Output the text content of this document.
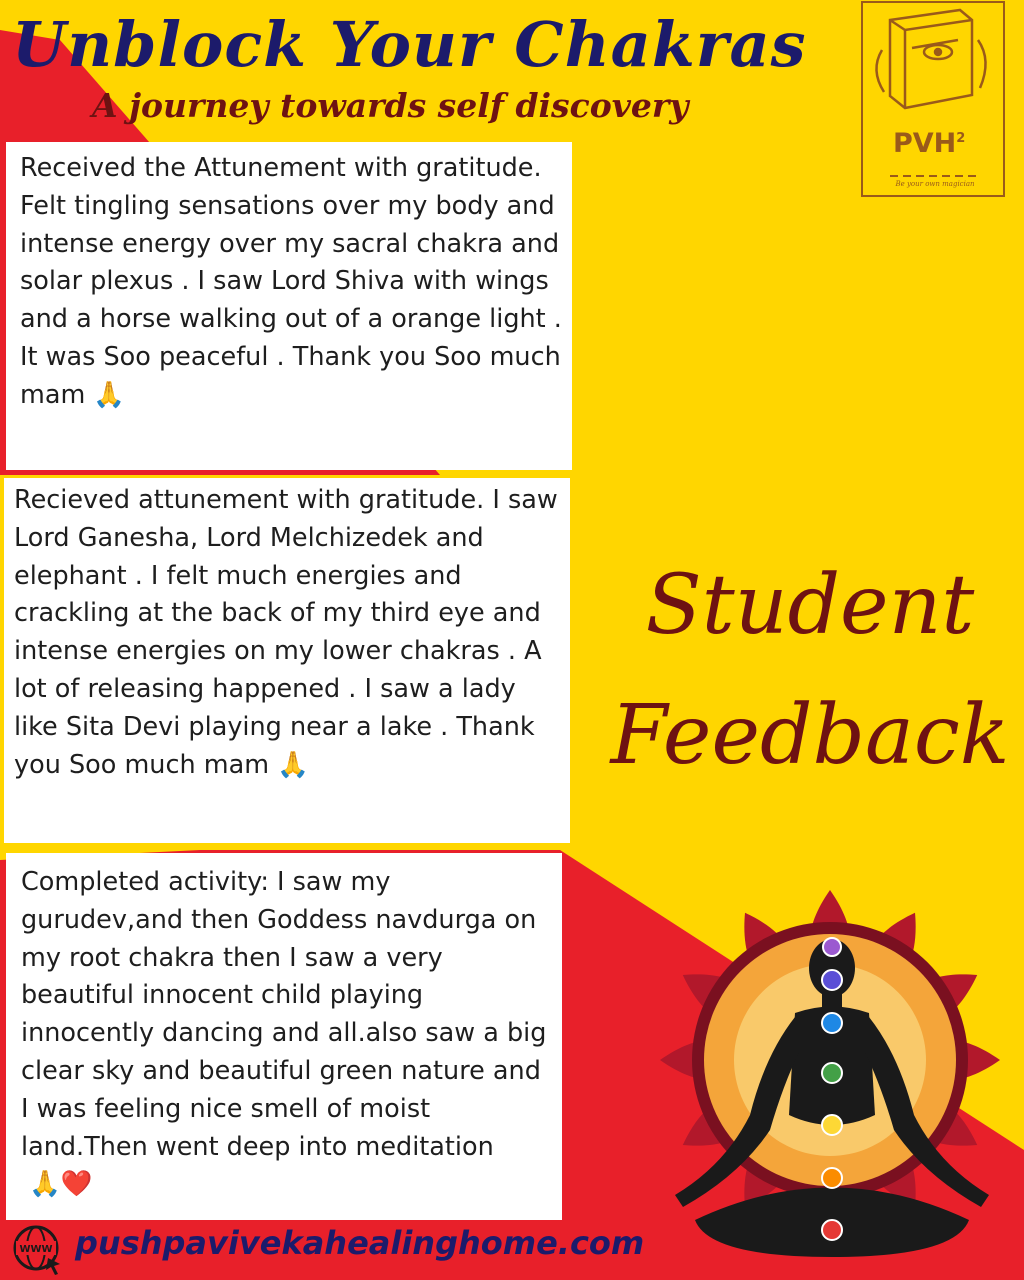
Unblock Your Chakras
A journey towards self discovery
PVH$^2$
Be your own magician

Received the Attunement with gratitude. Felt tingling sensations over my body and intense energy over my sacral chakra and solar plexus . I saw Lord Shiva with wings and a horse walking out of a orange light . It was Soo peaceful . Thank you Soo much mam 🙏

Recieved attunement with gratitude. I saw Lord Ganesha, Lord Melchizedek and elephant . I felt much energies and crackling at the back of my third eye and intense energies on my lower chakras . A lot of releasing happened . I saw a lady like Sita Devi playing near a lake . Thank you Soo much mam 🙏

Completed activity: I saw my gurudev,and then Goddess navdurga on my root chakra then I saw a very beautiful innocent child playing innocently dancing and all.also saw a big clear sky and beautiful green nature and I was feeling nice smell of moist land.Then went deep into meditation🙏❤️

Student
Feedback
WWW pushpavivekahealinghome.com
